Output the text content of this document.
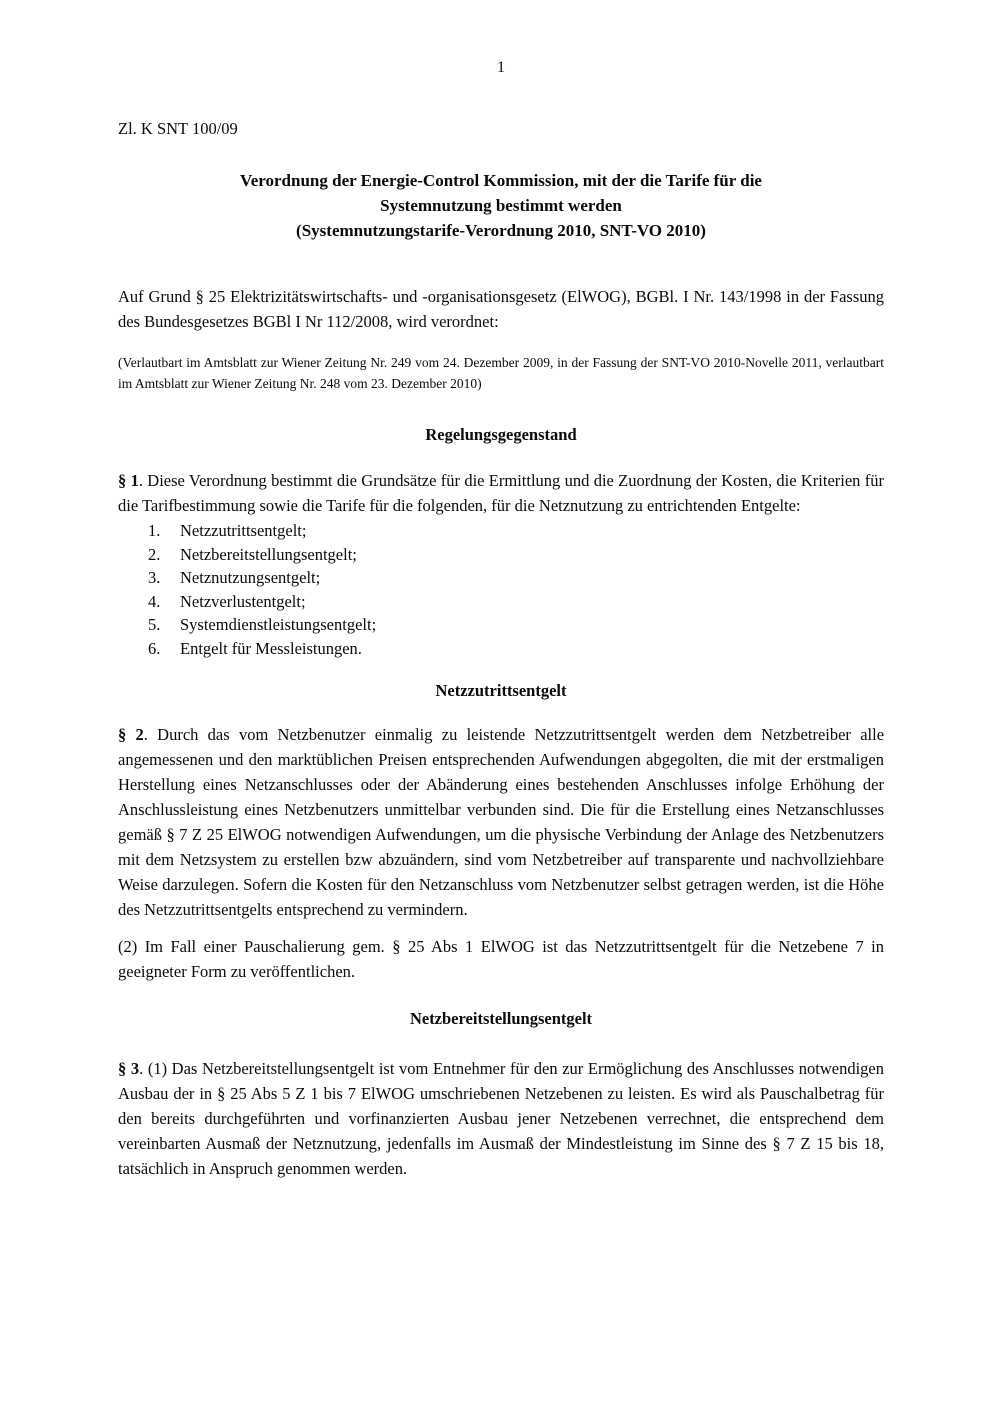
1
Zl. K SNT 100/09
Verordnung der Energie-Control Kommission, mit der die Tarife für die
Systemnutzung bestimmt werden
(Systemnutzungstarife-Verordnung 2010, SNT-VO 2010)
Auf Grund § 25 Elektrizitätswirtschafts- und -organisationsgesetz (ElWOG), BGBl. I Nr. 143/1998 in der Fassung des Bundesgesetzes BGBl I Nr 112/2008, wird verordnet:
(Verlautbart im Amtsblatt zur Wiener Zeitung Nr. 249 vom 24. Dezember 2009, in der Fassung der SNT-VO 2010-Novelle 2011, verlautbart im Amtsblatt zur Wiener Zeitung Nr. 248 vom 23. Dezember 2010)
Regelungsgegenstand
§ 1. Diese Verordnung bestimmt die Grundsätze für die Ermittlung und die Zuordnung der Kosten, die Kriterien für die Tarifbestimmung sowie die Tarife für die folgenden, für die Netznutzung zu entrichtenden Entgelte:
1.	Netzzutrittsentgelt;
2.	Netzbereitstellungsentgelt;
3.	Netznutzungsentgelt;
4.	Netzverlustentgelt;
5.	Systemdienstleistungsentgelt;
6.	Entgelt für Messleistungen.
Netzzutrittsentgelt
§ 2. Durch das vom Netzbenutzer einmalig zu leistende Netzzutrittsentgelt werden dem Netzbetreiber alle angemessenen und den marktüblichen Preisen entsprechenden Aufwendungen abgegolten, die mit der erstmaligen Herstellung eines Netzanschlusses oder der Abänderung eines bestehenden Anschlusses infolge Erhöhung der Anschlussleistung eines Netzbenutzers unmittelbar verbunden sind. Die für die Erstellung eines Netzanschlusses gemäß § 7 Z 25 ElWOG notwendigen Aufwendungen, um die physische Verbindung der Anlage des Netzbenutzers mit dem Netzsystem zu erstellen bzw abzuändern, sind vom Netzbetreiber auf transparente und nachvollziehbare Weise darzulegen. Sofern die Kosten für den Netzanschluss vom Netzbenutzer selbst getragen werden, ist die Höhe des Netzzutrittsentgelts entsprechend zu vermindern.
(2) Im Fall einer Pauschalierung gem. § 25 Abs 1 ElWOG ist das Netzzutrittsentgelt für die Netzebene 7 in geeigneter Form zu veröffentlichen.
Netzbereitstellungsentgelt
§ 3. (1) Das Netzbereitstellungsentgelt ist vom Entnehmer für den zur Ermöglichung des Anschlusses notwendigen Ausbau der in § 25 Abs 5 Z 1 bis 7 ElWOG umschriebenen Netzebenen zu leisten. Es wird als Pauschalbetrag für den bereits durchgeführten und vorfinanzierten Ausbau jener Netzebenen verrechnet, die entsprechend dem vereinbarten Ausmaß der Netznutzung, jedenfalls im Ausmaß der Mindestleistung im Sinne des § 7 Z 15 bis 18, tatsächlich in Anspruch genommen werden.
